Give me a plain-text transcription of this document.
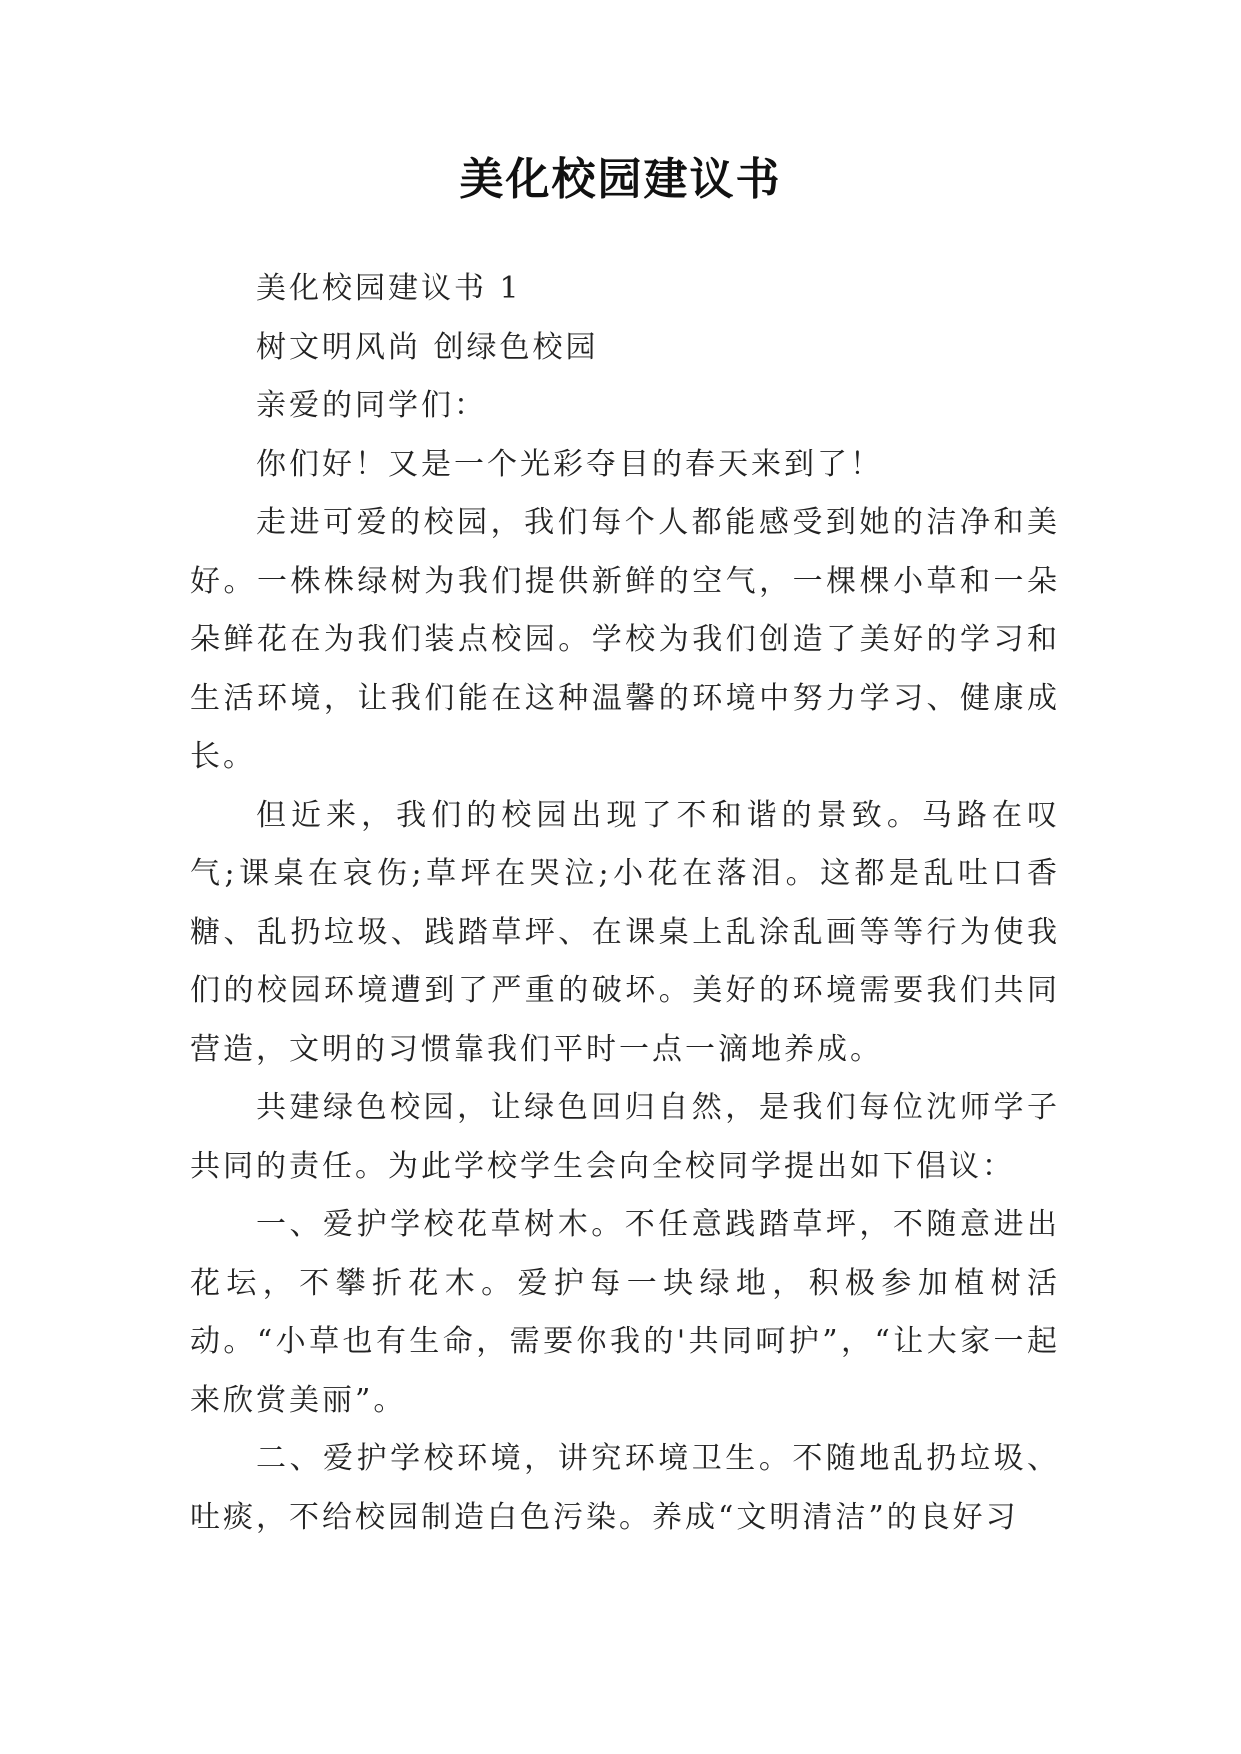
美化校园建议书

美化校园建议书 1

树文明风尚 创绿色校园

亲爱的同学们：

你们好！又是一个光彩夺目的春天来到了！

走进可爱的校园，我们每个人都能感受到她的洁净和美好。一株株绿树为我们提供新鲜的空气，一棵棵小草和一朵朵鲜花在为我们装点校园。学校为我们创造了美好的学习和生活环境，让我们能在这种温馨的环境中努力学习、健康成长。

但近来，我们的校园出现了不和谐的景致。马路在叹气;课桌在哀伤;草坪在哭泣;小花在落泪。这都是乱吐口香糖、乱扔垃圾、践踏草坪、在课桌上乱涂乱画等等行为使我们的校园环境遭到了严重的破坏。美好的环境需要我们共同营造，文明的习惯靠我们平时一点一滴地养成。

共建绿色校园，让绿色回归自然，是我们每位沈师学子共同的责任。为此学校学生会向全校同学提出如下倡议：

一、爱护学校花草树木。不任意践踏草坪，不随意进出花坛，不攀折花木。爱护每一块绿地，积极参加植树活动。“小草也有生命，需要你我的'共同呵护”，“让大家一起来欣赏美丽”。

二、爱护学校环境，讲究环境卫生。不随地乱扔垃圾、吐痰，不给校园制造白色污染。养成“文明清洁”的良好习
